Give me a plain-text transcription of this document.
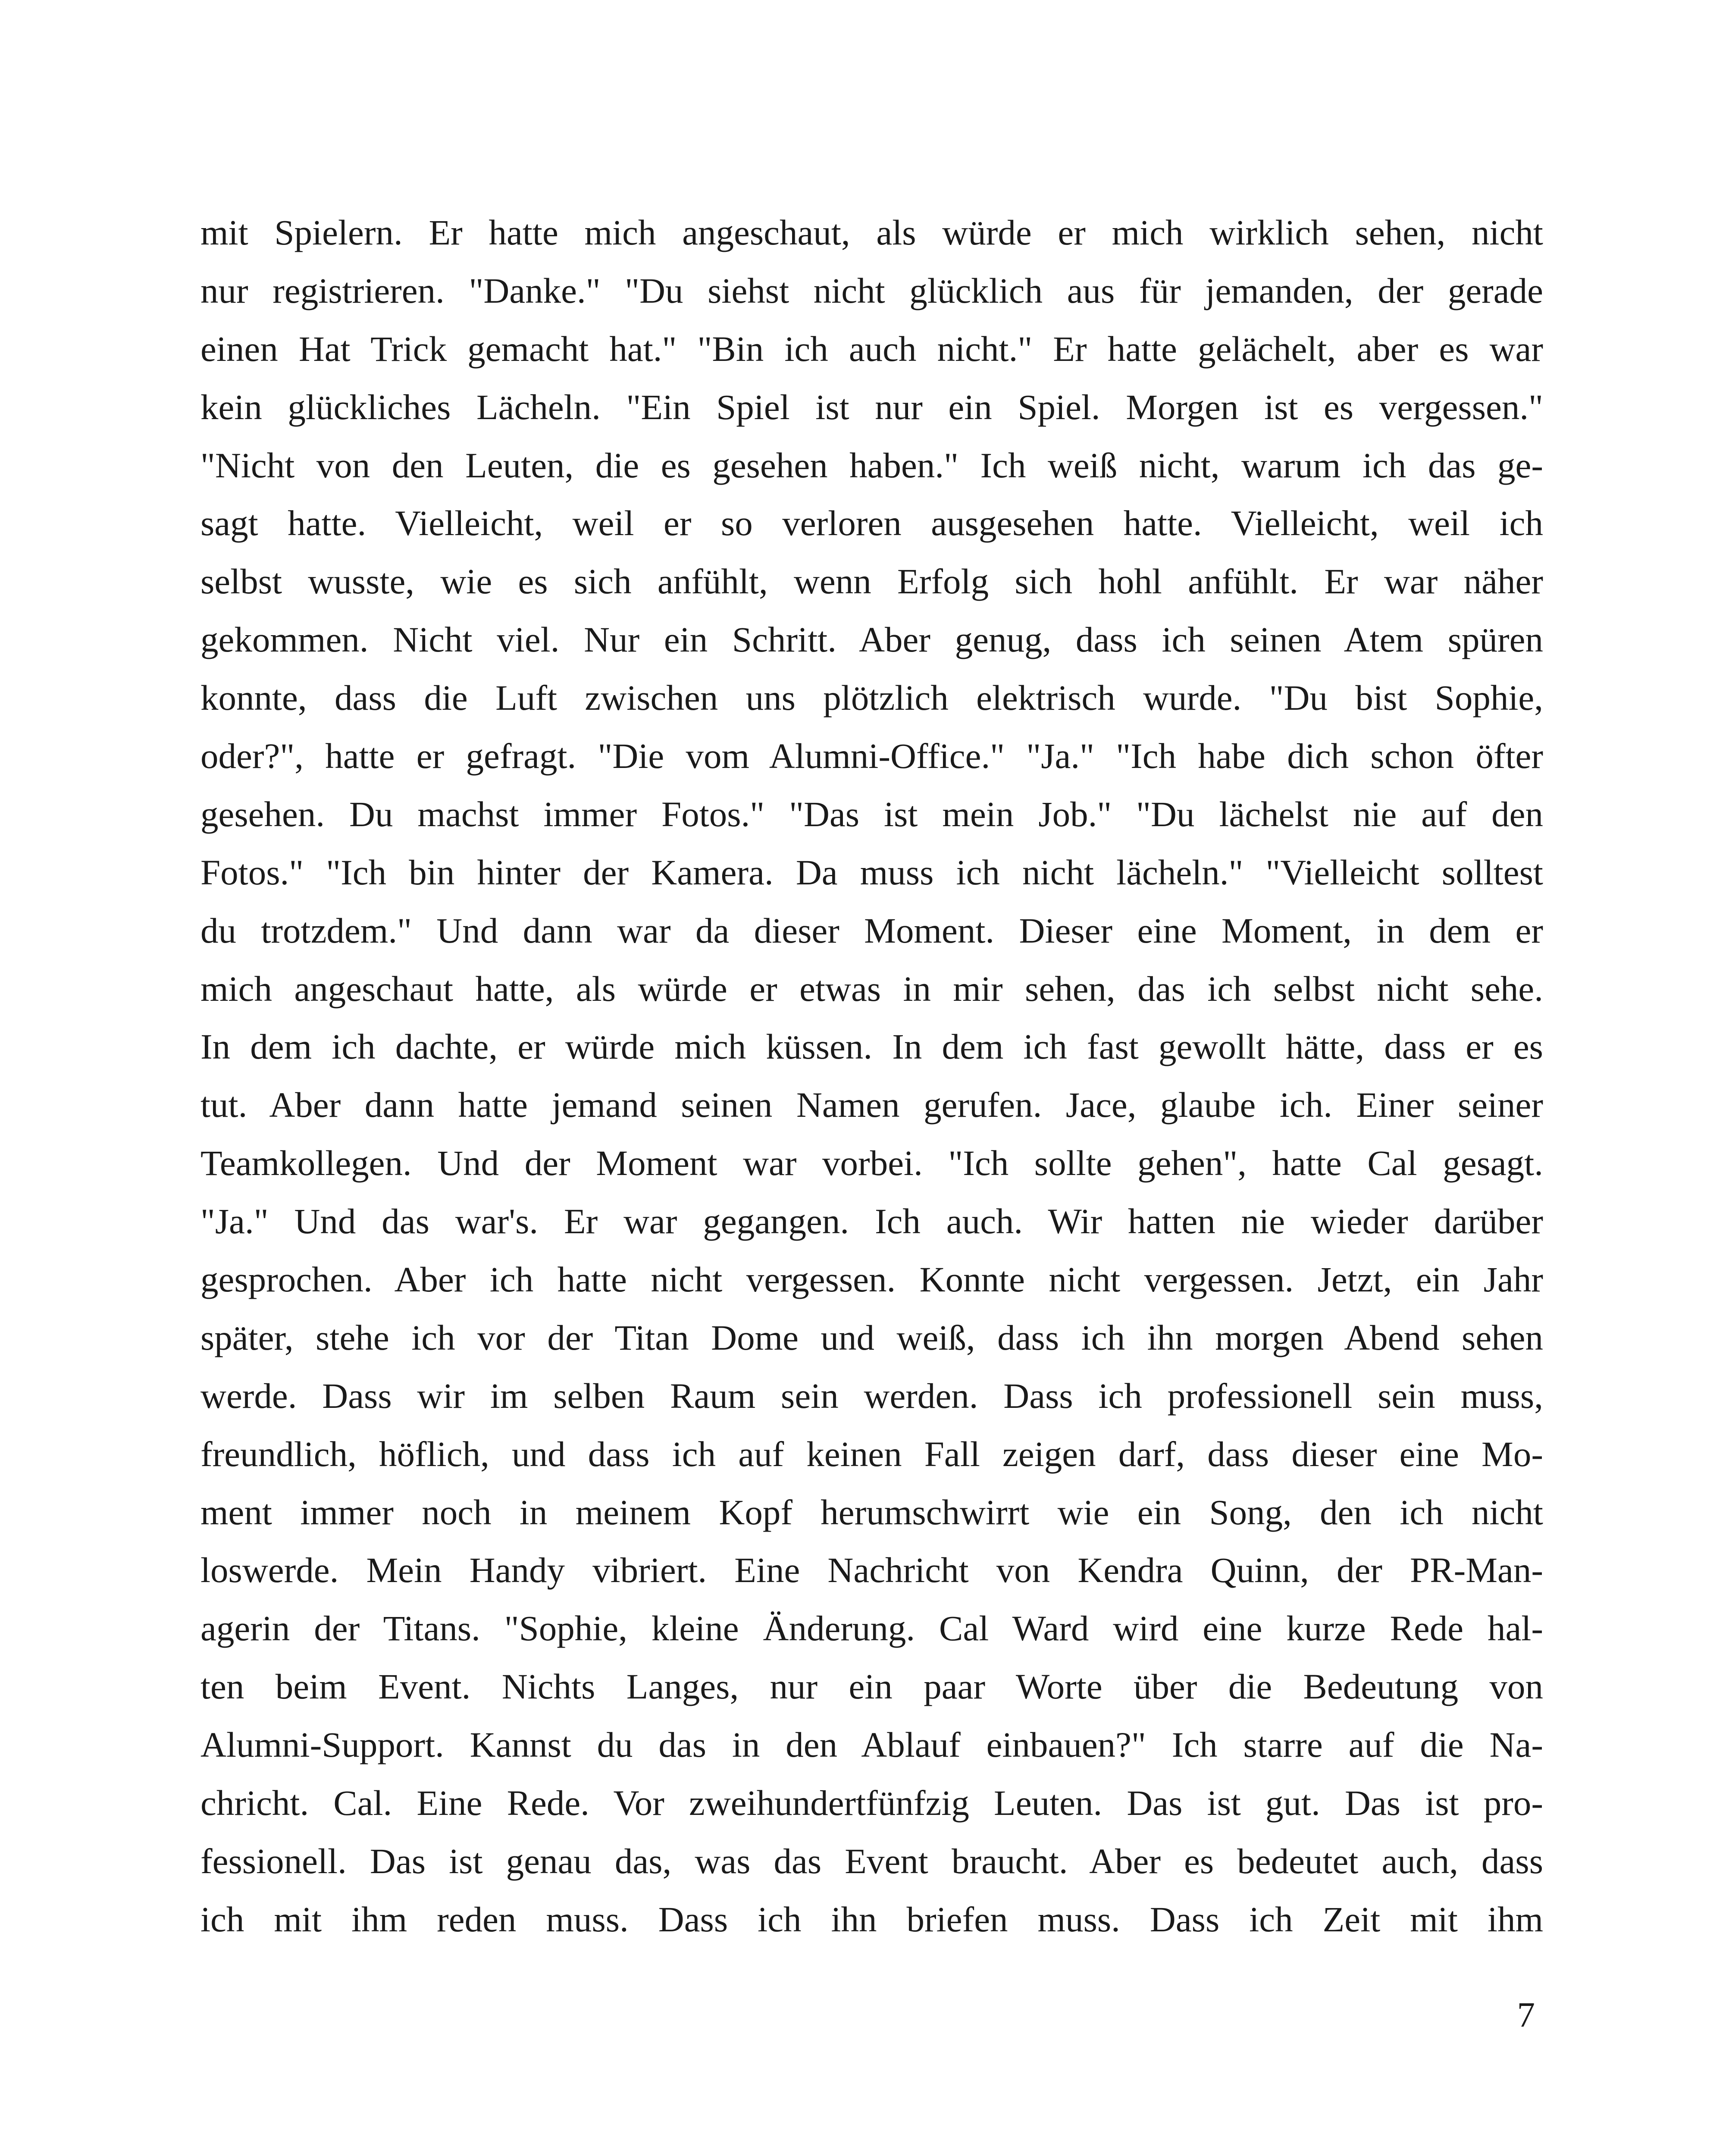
mit Spielern. Er hatte mich angeschaut, als würde er mich wirklich sehen, nicht
nur registrieren. "Danke." "Du siehst nicht glücklich aus für jemanden, der gerade
einen Hat Trick gemacht hat." "Bin ich auch nicht." Er hatte gelächelt, aber es war
kein glückliches Lächeln. "Ein Spiel ist nur ein Spiel. Morgen ist es vergessen."
"Nicht von den Leuten, die es gesehen haben." Ich weiß nicht, warum ich das ge-
sagt hatte. Vielleicht, weil er so verloren ausgesehen hatte. Vielleicht, weil ich
selbst wusste, wie es sich anfühlt, wenn Erfolg sich hohl anfühlt. Er war näher
gekommen. Nicht viel. Nur ein Schritt. Aber genug, dass ich seinen Atem spüren
konnte, dass die Luft zwischen uns plötzlich elektrisch wurde. "Du bist Sophie,
oder?", hatte er gefragt. "Die vom Alumni-Office." "Ja." "Ich habe dich schon öfter
gesehen. Du machst immer Fotos." "Das ist mein Job." "Du lächelst nie auf den
Fotos." "Ich bin hinter der Kamera. Da muss ich nicht lächeln." "Vielleicht solltest
du trotzdem." Und dann war da dieser Moment. Dieser eine Moment, in dem er
mich angeschaut hatte, als würde er etwas in mir sehen, das ich selbst nicht sehe.
In dem ich dachte, er würde mich küssen. In dem ich fast gewollt hätte, dass er es
tut. Aber dann hatte jemand seinen Namen gerufen. Jace, glaube ich. Einer seiner
Teamkollegen. Und der Moment war vorbei. "Ich sollte gehen", hatte Cal gesagt.
"Ja." Und das war's. Er war gegangen. Ich auch. Wir hatten nie wieder darüber
gesprochen. Aber ich hatte nicht vergessen. Konnte nicht vergessen. Jetzt, ein Jahr
später, stehe ich vor der Titan Dome und weiß, dass ich ihn morgen Abend sehen
werde. Dass wir im selben Raum sein werden. Dass ich professionell sein muss,
freundlich, höflich, und dass ich auf keinen Fall zeigen darf, dass dieser eine Mo-
ment immer noch in meinem Kopf herumschwirrt wie ein Song, den ich nicht
loswerde. Mein Handy vibriert. Eine Nachricht von Kendra Quinn, der PR-Man-
agerin der Titans. "Sophie, kleine Änderung. Cal Ward wird eine kurze Rede hal-
ten beim Event. Nichts Langes, nur ein paar Worte über die Bedeutung von
Alumni-Support. Kannst du das in den Ablauf einbauen?" Ich starre auf die Na-
chricht. Cal. Eine Rede. Vor zweihundertfünfzig Leuten. Das ist gut. Das ist pro-
fessionell. Das ist genau das, was das Event braucht. Aber es bedeutet auch, dass
ich mit ihm reden muss. Dass ich ihn briefen muss. Dass ich Zeit mit ihm
7
